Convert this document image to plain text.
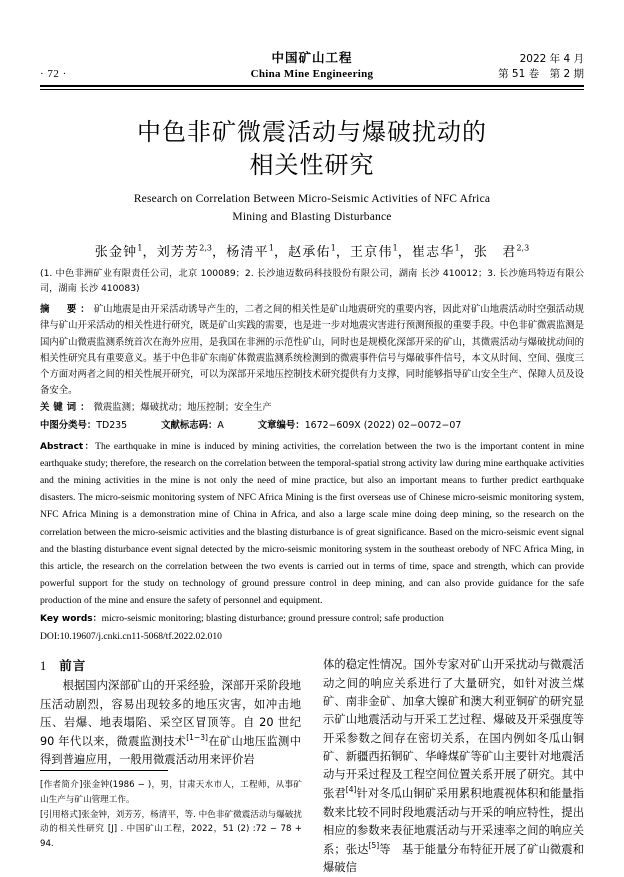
· 72 ·
中国矿山工程
China Mine Engineering
2022 年 4 月
第 51 卷　第 2 期
中色非矿微震活动与爆破扰动的
相关性研究
Research on Correlation Between Micro-Seismic Activities of NFC Africa
Mining and Blasting Disturbance
张金钟$^1$，刘芳芳$^{2,3}$，杨清平$^1$，赵承佑$^1$，王京伟$^1$，崔志华$^1$，张　君$^{2,3}$
(1. 中色非洲矿业有限责任公司，北京 100089；2. 长沙迪迈数码科技股份有限公司，湖南 长沙 410012；3. 长沙施玛特迈有限公司，湖南 长沙 410083)
摘　要：矿山地震是由开采活动诱导产生的，二者之间的相关性是矿山地震研究的重要内容，因此对矿山地震活动时空强活动规律与矿山开采活动的相关性进行研究，既是矿山实践的需要，也是进一步对地震灾害进行预测预报的重要手段。中色非矿微震监测是国内矿山微震监测系统首次在海外应用，是我国在非洲的示范性矿山，同时也是规模化深部开采的矿山，其微震活动与爆破扰动间的相关性研究具有重要意义。基于中色非矿东南矿体微震监测系统检测到的微震事件信号与爆破事件信号，本文从时间、空间、强度三个方面对两者之间的相关性展开研究，可以为深部开采地压控制技术研究提供有力支撑，同时能够指导矿山安全生产、保障人员及设备安全。
关键词：微震监测；爆破扰动；地压控制；安全生产
中图分类号：TD235	文献标志码：A	文章编号：1672−609X (2022) 02−0072−07
Abstract：The earthquake in mine is induced by mining activities, the correlation between the two is the important content in mine earthquake study; therefore, the research on the correlation between the temporal-spatial strong activity law during mine earthquake activities and the mining activities in the mine is not only the need of mine practice, but also an important means to further predict earthquake disasters. The micro-seismic monitoring system of NFC Africa Mining is the first overseas use of Chinese micro-seismic monitoring system, NFC Africa Mining is a demonstration mine of China in Africa, and also a large scale mine doing deep mining, so the research on the correlation between the micro-seismic activities and the blasting disturbance is of great significance. Based on the micro-seismic event signal and the blasting disturbance event signal detected by the micro-seismic monitoring system in the southeast orebody of NFC Africa Ming, in this article, the research on the correlation between the two events is carried out in terms of time, space and strength, which can provide powerful support for the study on technology of ground pressure control in deep mining, and can also provide guidance for the safe production of the mine and ensure the safety of personnel and equipment.
Key words：micro-seismic monitoring; blasting disturbance; ground pressure control; safe production
DOI:10.19607/j.cnki.cn11-5068/tf.2022.02.010
1 前言
根据国内深部矿山的开采经验，深部开采阶段地压活动剧烈，容易出现较多的地压灾害，如冲击地压、岩爆、地表塌陷、采空区冒顶等。自 20 世纪 90 年代以来，微震监测技术[1−3]在矿山地压监测中得到普遍应用，一般用微震活动用来评价岩
体的稳定性情况。国外专家对矿山开采扰动与微震活动之间的响应关系进行了大量研究，如针对波兰煤矿、南非金矿、加拿大镍矿和澳大利亚铜矿的研究显示矿山地震活动与开采工艺过程、爆破及开采强度等开采参数之间存在密切关系，在国内例如冬瓜山铜矿、新疆西拓铜矿、华峰煤矿等矿山主要针对地震活动与开采过程及工程空间位置关系开展了研究。其中张君[4]针对冬瓜山铜矿采用累积地震视体积和能量指数来比较不同时段地震活动与开采的响应特性，提出相应的参数来表征地震活动与开采速率之间的响应关系；张达[5]等　基于能量分布特征开展了矿山微震和爆破信
[作者简介]张金钟(1986 − )，男，甘肃天水市人，工程师，从事矿山生产与矿山管理工作。
[引用格式]张金钟，刘芳芳，杨清平，等. 中色非矿微震活动与爆破扰动的相关性研究 [J] . 中国矿山工程，2022，51 (2) :72 − 78 + 94.
